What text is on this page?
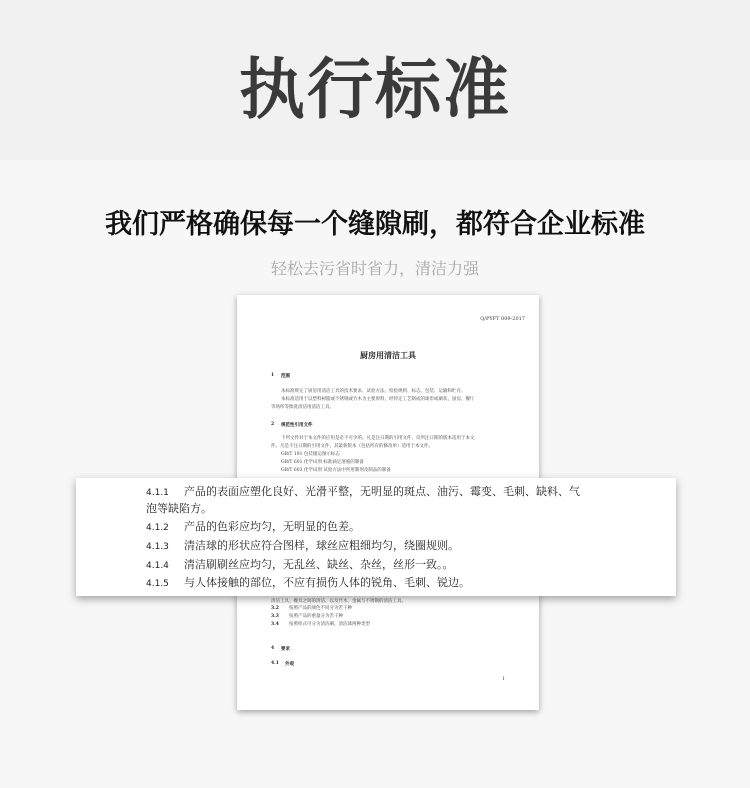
执行标准
我们严格确保每一个缝隙刷，都符合企业标准
轻松去污省时省力，清洁力强
Q/PYFT 009-2017
厨房用清洁工具
1 范围
本标准规定了厨房用清洁工具的技术要求、试验方法、检验规则、标志、包装、运输和贮存。
本标准适用于以塑料树脂或不锈钢或竹木为主要原料，经特定工艺制成的球形或刷状、厨房、餐厅
等场所等擦洗清洁用清洁工具。
2 规范性引用文件
下列文件对于本文件的应用是必不可少的。凡是注日期的引用文件，仅所注日期的版本适用于本文
件。凡是不注日期的引用文件，其最新版本（包括所有的修改单）适用于本文件。
GB/T 191 包装储运图示标志
GB/T 601 化学试剂 标准滴定溶液的制备
GB/T 603 化学试剂 试验方法中所用制剂及制品的制备
清洁工具、餐具之间的清洁、以及竹木、金属与不锈钢的清洁工具。
3.2 按照产品的颜色不同分为若干种
3.3 按照产品的重量分为若干种
3.4 按照样式可分为清洁刷、清洁球两种类型
4 要求
4.1 外观
1
4.1.1 产品的表面应塑化良好、光滑平整，无明显的斑点、油污、霉变、毛刺、缺料、气
泡等缺陷方。
4.1.2 产品的色彩应均匀，无明显的色差。
4.1.3 清洁球的形状应符合图样，球丝应粗细均匀，绕圈规则。
4.1.4 清洁刷刷丝应均匀，无乱丝、缺丝、杂丝，丝形一致。。
4.1.5 与人体接触的部位，不应有损伤人体的锐角、毛刺、锐边。
